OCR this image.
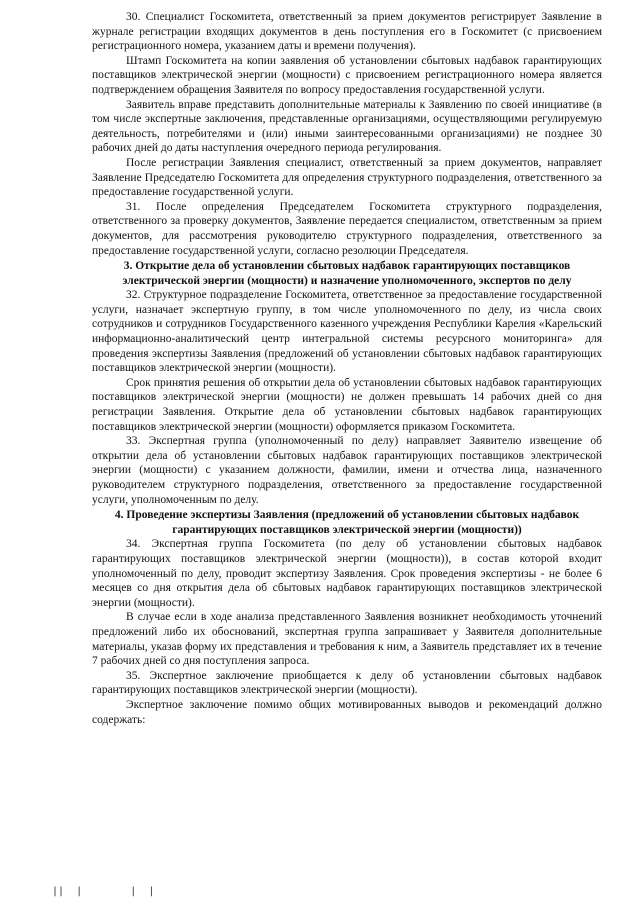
30. Специалист Госкомитета, ответственный за прием документов регистрирует Заявление в журнале регистрации входящих документов в день поступления его в Госкомитет (с присвоением регистрационного номера, указанием даты и времени получения).

Штамп Госкомитета на копии заявления об установлении сбытовых надбавок гарантирующих поставщиков электрической энергии (мощности) с присвоением регистрационного номера является подтверждением обращения Заявителя по вопросу предоставления государственной услуги.

Заявитель вправе представить дополнительные материалы к Заявлению по своей инициативе (в том числе экспертные заключения, представленные организациями, осуществляющими регулируемую деятельность, потребителями и (или) иными заинтересованными организациями) не позднее 30 рабочих дней до даты наступления очередного периода регулирования.

После регистрации Заявления специалист, ответственный за прием документов, направляет Заявление Председателю Госкомитета для определения структурного подразделения, ответственного за предоставление государственной услуги.

31. После определения Председателем Госкомитета структурного подразделения, ответственного за проверку документов, Заявление передается специалистом, ответственным за прием документов, для рассмотрения руководителю структурного подразделения, ответственного за предоставление государственной услуги, согласно резолюции Председателя.

3. Открытие дела об установлении сбытовых надбавок гарантирующих поставщиков электрической энергии (мощности) и назначение уполномоченного, экспертов по делу

32. Структурное подразделение Госкомитета, ответственное за предоставление государственной услуги, назначает экспертную группу, в том числе уполномоченного по делу, из числа своих сотрудников и сотрудников Государственного казенного учреждения Республики Карелия «Карельский информационно-аналитический центр интегральной системы ресурсного мониторинга» для проведения экспертизы Заявления (предложений об установлении сбытовых надбавок гарантирующих поставщиков электрической энергии (мощности).

Срок принятия решения об открытии дела об установлении сбытовых надбавок гарантирующих поставщиков электрической энергии (мощности) не должен превышать 14 рабочих дней со дня регистрации Заявления. Открытие дела об установлении сбытовых надбавок гарантирующих поставщиков электрической энергии (мощности) оформляется приказом Госкомитета.

33. Экспертная группа (уполномоченный по делу) направляет Заявителю извещение об открытии дела об установлении сбытовых надбавок гарантирующих поставщиков электрической энергии (мощности) с указанием должности, фамилии, имени и отчества лица, назначенного руководителем структурного подразделения, ответственного за предоставление государственной услуги, уполномоченным по делу.

4. Проведение экспертизы Заявления (предложений об установлении сбытовых надбавок гарантирующих поставщиков электрической энергии (мощности))

34. Экспертная группа Госкомитета (по делу об установлении сбытовых надбавок гарантирующих поставщиков электрической энергии (мощности)), в состав которой входит уполномоченный по делу, проводит экспертизу Заявления. Срок проведения экспертизы - не более 6 месяцев со дня открытия дела об сбытовых надбавок гарантирующих поставщиков электрической энергии (мощности).

В случае если в ходе анализа представленного Заявления возникнет необходимость уточнений предложений либо их обоснований, экспертная группа запрашивает у Заявителя дополнительные материалы, указав форму их представления и требования к ним, а Заявитель представляет их в течение 7 рабочих дней со дня поступления запроса.

35. Экспертное заключение приобщается к делу об установлении сбытовых надбавок гарантирующих поставщиков электрической энергии (мощности).

Экспертное заключение помимо общих мотивированных выводов и рекомендаций должно содержать:

||  |        |  |
